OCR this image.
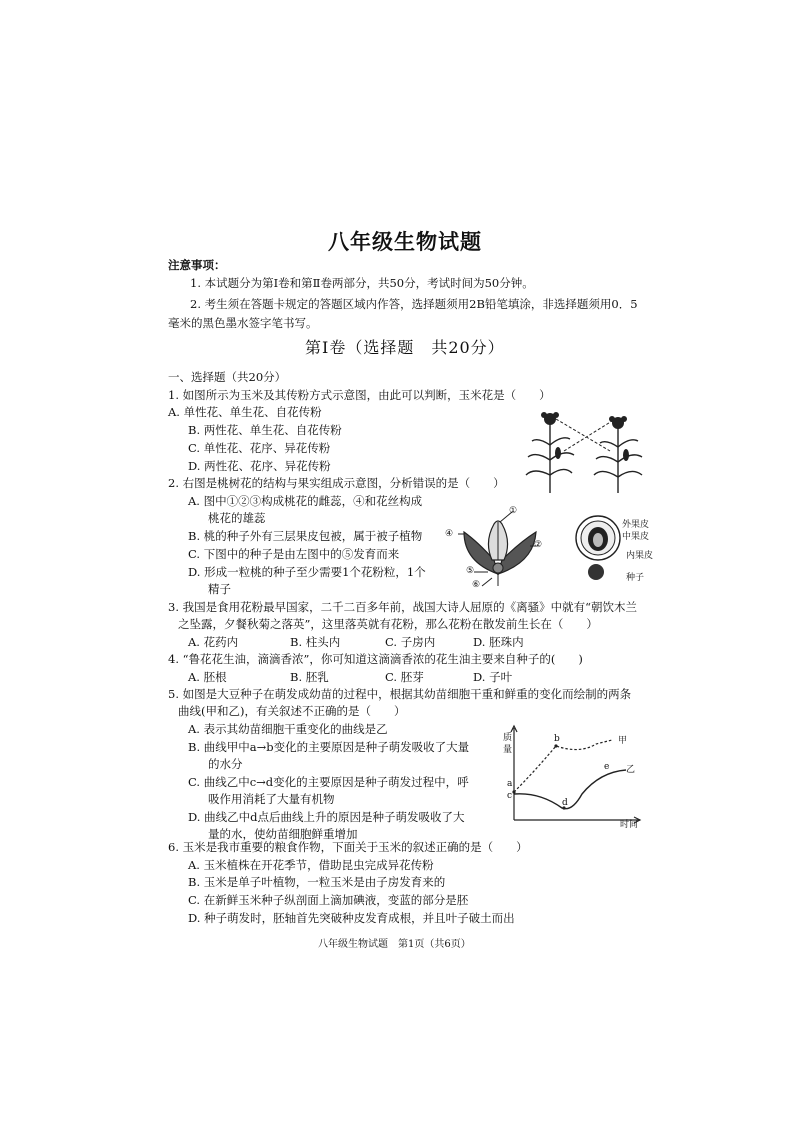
八年级生物试题
注意事项：
1. 本试题分为第Ⅰ卷和第Ⅱ卷两部分，共50分，考试时间为50分钟。
2. 考生须在答题卡规定的答题区域内作答，选择题须用2B铅笔填涂，非选择题须用0．5
毫米的黑色墨水签字笔书写。
第Ⅰ卷（选择题　共20分）
一、选择题（共20分）
1. 如图所示为玉米及其传粉方式示意图，由此可以判断，玉米花是（　　）
A. 单性花、单生花、自花传粉
B. 两性花、单生花、自花传粉
C. 单性花、花序、异花传粉
D. 两性花、花序、异花传粉
2. 右图是桃树花的结构与果实组成示意图，分析错误的是（　　）
A. 图中①②③构成桃花的雌蕊，④和花丝构成
桃花的雄蕊
B. 桃的种子外有三层果皮包被，属于被子植物
C. 下图中的种子是由左图中的⑤发育而来
D. 形成一粒桃的种子至少需要1个花粉粒，1个
精子
①
②
④
⑤
⑥
外果皮
中果皮
内果皮
种子
3. 我国是食用花粉最早国家，二千二百多年前，战国大诗人屈原的《离骚》中就有“朝饮木兰
之坠露，夕餐秋菊之落英”，这里落英就有花粉，那么花粉在散发前生长在（　　）
A. 花药内	B. 柱头内	C. 子房内	D. 胚珠内
4. “鲁花花生油，滴滴香浓”，你可知道这滴滴香浓的花生油主要来自种子的(　　)
A. 胚根	B. 胚乳	C. 胚芽	D. 子叶
5. 如图是大豆种子在萌发成幼苗的过程中，根据其幼苗细胞干重和鲜重的变化而绘制的两条
曲线(甲和乙)，有关叙述不正确的是（　　）
A. 表示其幼苗细胞干重变化的曲线是乙
B. 曲线甲中a→b变化的主要原因是种子萌发吸收了大量
的水分
C. 曲线乙中c→d变化的主要原因是种子萌发过程中，呼
吸作用消耗了大量有机物
D. 曲线乙中d点后曲线上升的原因是种子萌发吸收了大
量的水，使幼苗细胞鲜重增加
质
量
时间
甲
乙
a
b
c
d
e
6. 玉米是我市重要的粮食作物，下面关于玉米的叙述正确的是（　　）
A. 玉米植株在开花季节，借助昆虫完成异花传粉
B. 玉米是单子叶植物，一粒玉米是由子房发育来的
C. 在新鲜玉米种子纵剖面上滴加碘液，变蓝的部分是胚
D. 种子萌发时，胚轴首先突破种皮发育成根，并且叶子破土而出
八年级生物试题　第1页（共6页）
